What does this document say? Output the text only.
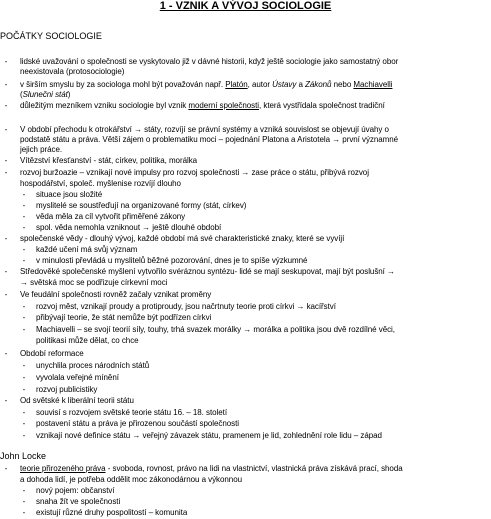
1 - VZNIK A VÝVOJ SOCIOLOGIE
POČÁTKY SOCIOLOGIE
-	lidské uvažování o společnosti se vyskytovalo již v dávné historii, když ještě sociologie jako samostatný obor
neexistovala (protosociologie)
-	v širším smyslu by za sociologa mohl být považován např. Platón, autor Ústavy a Zákonů nebo Machiavelli
(Slunečni stát)
-	důležitým mezníkem vzniku sociologie byl vznik moderní společnosti, která vystřídala společnost tradiční
-	V období přechodu k otrokářství → státy, rozvíjí se právní systémy a vzniká souvislost se objevují úvahy o
podstatě státu a práva. Větší zájem o problematiku moci – pojednání Platona a Aristotela → první významné
jejich práce.
-	Vítězství křesťanství - stát, církev, politika, morálka
-	rozvoj buržoazie – vznikají nové impulsy pro rozvoj společnosti → zase práce o státu, přibývá rozvoj
hospodářství, společ. myšlenise rozvíjí dlouho
-	situace jsou složité
-	myslitelé se soustřeďují na organizované formy (stát, církev)
-	věda měla za cíl vytvořit přiměřené zákony
-	spol. věda nemohla vzniknout → ještě dlouhé období
-	společenské vědy - dlouhý vývoj, každé období má své charakteristické znaky, které se vyvíjí
-	každé učení má svůj význam
-	v minulosti převládá u myslitelů běžné pozorování, dnes je to spíše výzkumné
-	Středověké společenské myšlení vytvořilo svéráznou syntézu- lidé se mají seskupovat, mají být poslušní →
→ světská moc se podřizuje církevní moci
-	Ve feudální společnosti rovněž začaly vznikat proměny
-	rozvoj měst, vznikají proudy a protiproudy, jsou načrtnuty teorie proti církvi → kacířství
-	přibývají teorie, že stát nemůže být podřízen církvi
-	Machiavelli – se svojí teorií síly, touhy, trhá svazek morálky → morálka a politika jsou dvě rozdílné věci,
politikasi může dělat, co chce
-	Období reformace
-	unychlila proces národních států
-	vyvolala veřejné mínění
-	rozvoj publicistiky
-	Od světské k liberální teorii státu
-	souvisí s rozvojem světské teorie státu 16. – 18. století
-	postavení státu a práva je přirozenou součástí společnosti
-	vznikají nové definice státu → veřejný závazek státu, pramenem je lid, zohlednění role lidu – západ
John Locke
-	teorie přirozeného práva - svoboda, rovnost, právo na lidi na vlastnictví, vlastnická práva získává prací, shoda
a dohoda lidí, je potřeba oddělit moc zákonodárnou a výkonnou
-	nový pojem: občanství
-	snaha žít ve společnosti
-	existují různé druhy pospolitostí – komunita
